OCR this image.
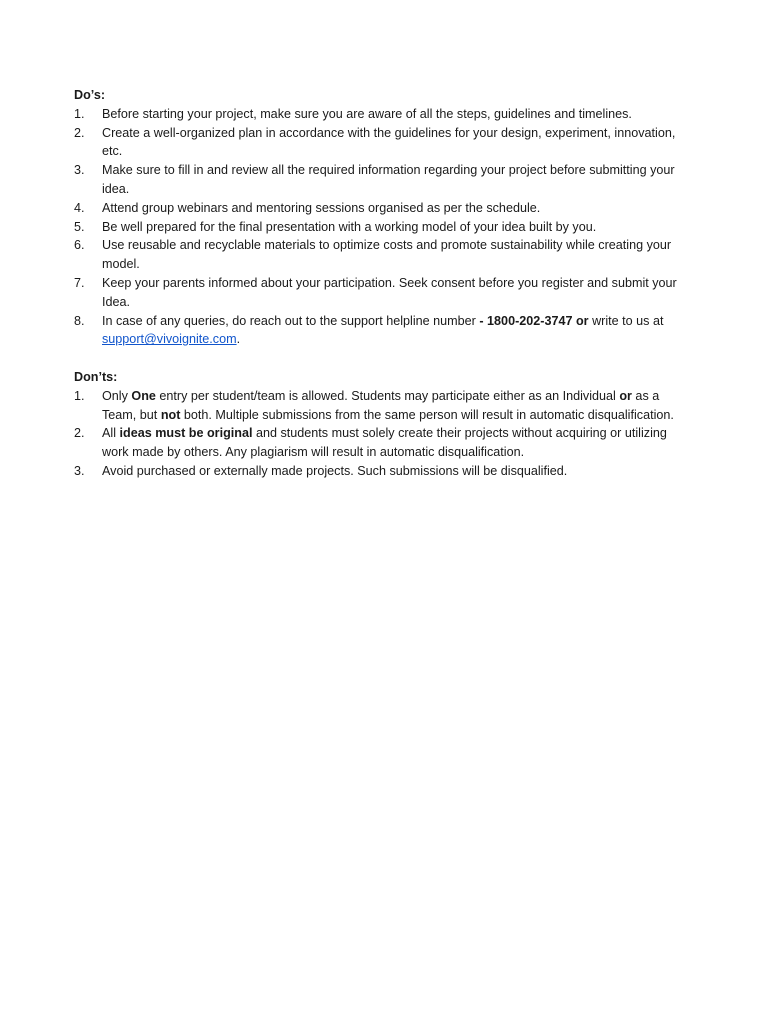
Do’s:
1.	Before starting your project, make sure you are aware of all the steps, guidelines and timelines.
2.	Create a well-organized plan in accordance with the guidelines for your design, experiment, innovation, etc.
3.	Make sure to fill in and review all the required information regarding your project before submitting your idea.
4.	Attend group webinars and mentoring sessions organised as per the schedule.
5.	Be well prepared for the final presentation with a working model of your idea built by you.
6.	Use reusable and recyclable materials to optimize costs and promote sustainability while creating your model.
7.	Keep your parents informed about your participation. Seek consent before you register and submit your Idea.
8.	In case of any queries, do reach out to the support helpline number - 1800-202-3747 or write to us at support@vivoignite.com.
Don’ts:
1.	Only One entry per student/team is allowed. Students may participate either as an Individual or as a Team, but not both. Multiple submissions from the same person will result in automatic disqualification.
2.	All ideas must be original and students must solely create their projects without acquiring or utilizing work made by others. Any plagiarism will result in automatic disqualification.
3.	Avoid purchased or externally made projects. Such submissions will be disqualified.
